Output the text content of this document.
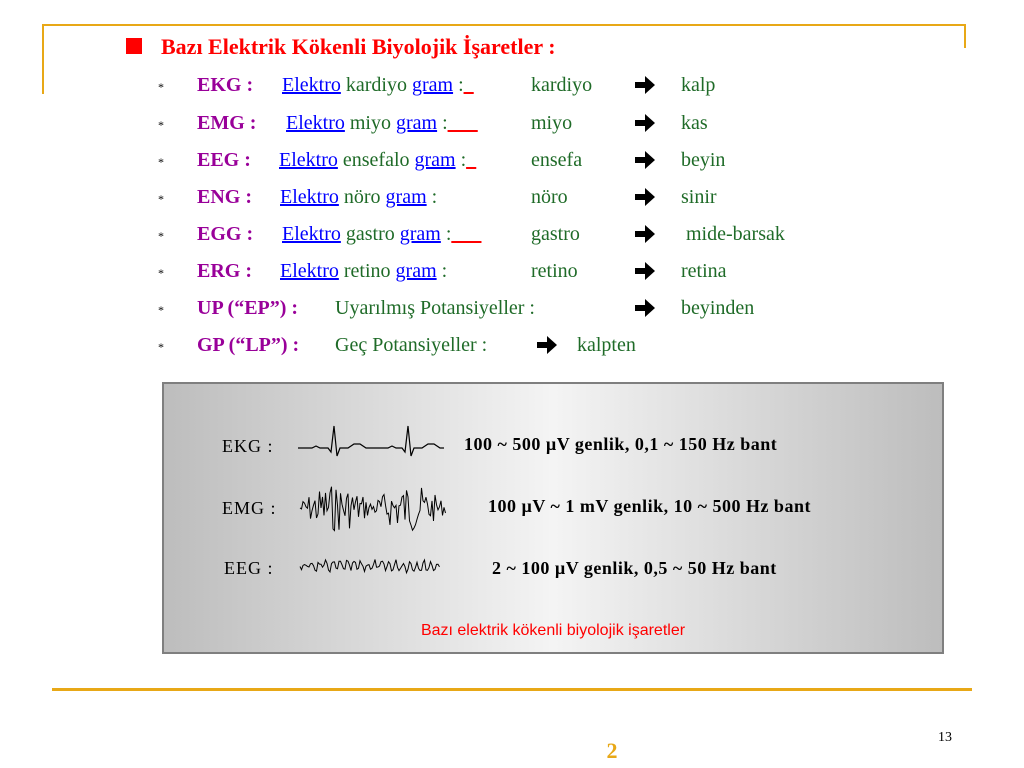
Bazı Elektrik Kökenli Biyolojik İşaretler :
* EKG : Elektro kardiyo gram :_	kardiyo	kalp
* EMG : Elektro miyo gram :___	miyo	kas
* EEG : Elektro ensefalo gram :_	ensefa	beyin
* ENG : Elektro nöro gram :	nöro	sinir
* EGG : Elektro gastro gram :___ gastro	mide-barsak
* ERG : Elektro retino gram :	retino	retina
* UP (“EP”) : Uyarılmış Potansiyeller :	beyinden
* GP (“LP”) : Geç Potansiyeller :	kalpten
EKG :	100 ~ 500 µV genlik, 0,1 ~ 150 Hz bant
EMG :	100 µV ~ 1 mV genlik, 10 ~ 500 Hz bant
EEG :	2 ~ 100 µV genlik, 0,5 ~ 50 Hz bant
Bazı elektrik kökenli biyolojik işaretler
13
2
